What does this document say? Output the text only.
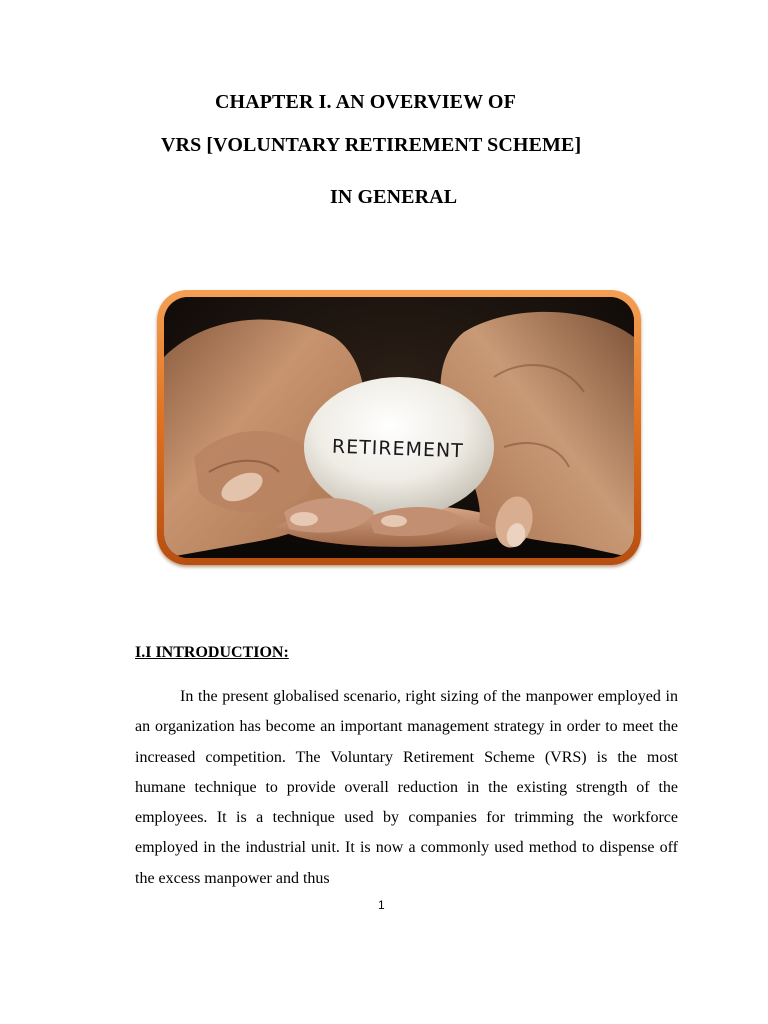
CHAPTER I. AN OVERVIEW OF
VRS [VOLUNTARY RETIREMENT SCHEME]
IN GENERAL
RETIREMENT
I.I INTRODUCTION:

In the present globalised scenario, right sizing of the manpower employed in an organization has become an important management strategy in order to meet the increased competition. The Voluntary Retirement Scheme (VRS) is the most humane technique to provide overall reduction in the existing strength of the employees. It is a technique used by companies for trimming the workforce employed in the industrial unit. It is now a commonly used method to dispense off the excess manpower and thus

1
